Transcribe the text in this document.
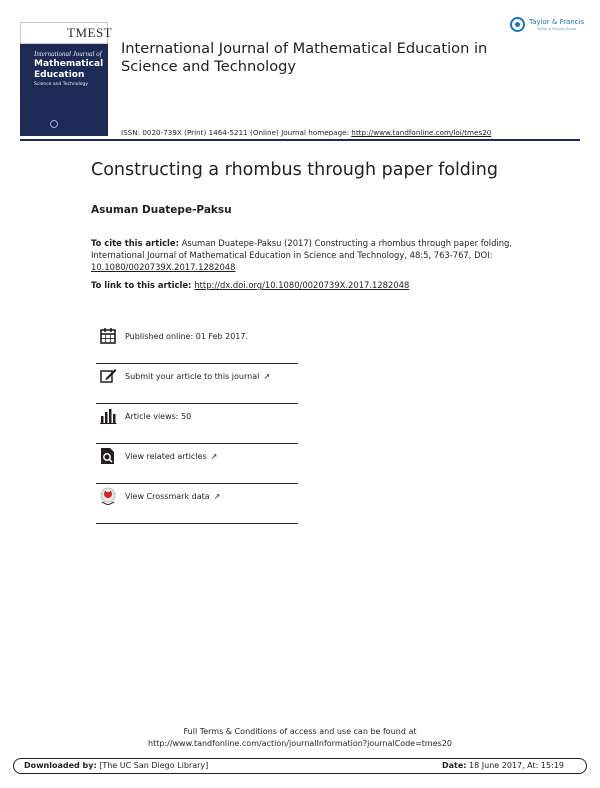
TMEST
International Journal of
Mathematical
Education
Science and Technology
International Journal of Mathematical Education in
Science and Technology
ISSN: 0020-739X (Print) 1464-5211 (Online) Journal homepage: http://www.tandfonline.com/loi/tmes20
Taylor & Francis
Taylor & Francis Group
Constructing a rhombus through paper folding
Asuman Duatepe-Paksu
To cite this article: Asuman Duatepe-Paksu (2017) Constructing a rhombus through paper folding, International Journal of Mathematical Education in Science and Technology, 48:5, 763-767, DOI: 10.1080/0020739X.2017.1282048
To link to this article: http://dx.doi.org/10.1080/0020739X.2017.1282048
Published online: 01 Feb 2017.
Submit your article to this journal ↗
Article views: 50
View related articles ↗
View Crossmark data ↗
Full Terms & Conditions of access and use can be found at
http://www.tandfonline.com/action/journalInformation?journalCode=tmes20
Downloaded by: [The UC San Diego Library]	Date: 18 June 2017, At: 15:19
